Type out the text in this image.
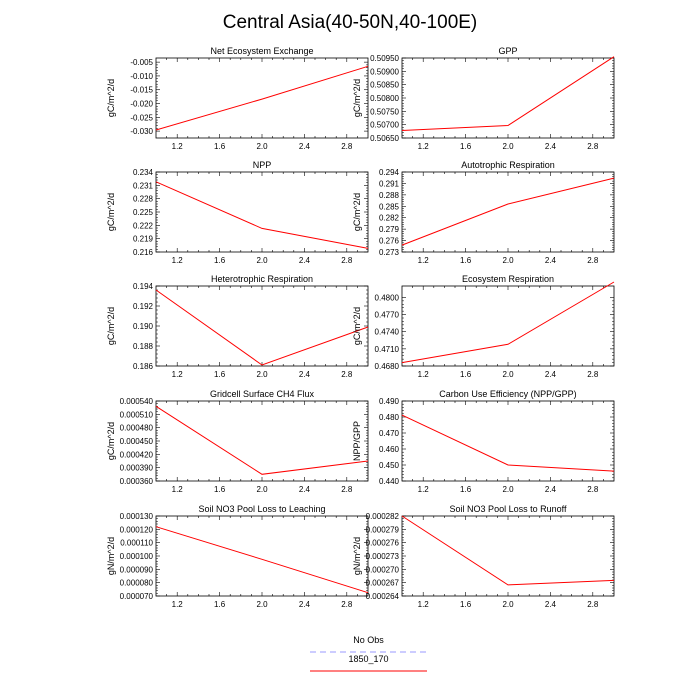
Central Asia(40-50N,40-100E)
Net Ecosystem Exchange
1.2	1.6	2.0	2.4	2.8
-0.005
-0.010
-0.015
-0.020
-0.025
-0.030
gC/m^2/d
GPP
1.2	1.6	2.0	2.4	2.8
0.50950
0.50900
0.50850
0.50800
0.50750
0.50700
0.50650
gC/m^2/d
NPP
1.2	1.6	2.0	2.4	2.8
0.234
0.231
0.228
0.225
0.222
0.219
0.216
gC/m^2/d
Autotrophic Respiration
1.2	1.6	2.0	2.4	2.8
0.294
0.291
0.288
0.285
0.282
0.279
0.276
0.273
gC/m^2/d
Heterotrophic Respiration
1.2	1.6	2.0	2.4	2.8
0.194
0.192
0.190
0.188
0.186
gC/m^2/d
Ecosystem Respiration
1.2	1.6	2.0	2.4	2.8
0.4800
0.4770
0.4740
0.4710
0.4680
gC/m^2/d
Gridcell Surface CH4 Flux
1.2	1.6	2.0	2.4	2.8
0.000540
0.000510
0.000480
0.000450
0.000420
0.000390
0.000360
gC/m^2/d
Carbon Use Efficiency (NPP/GPP)
1.2	1.6	2.0	2.4	2.8
0.490
0.480
0.470
0.460
0.450
0.440
NPP/GPP
Soil NO3 Pool Loss to Leaching
1.2	1.6	2.0	2.4	2.8
0.000130
0.000120
0.000110
0.000100
0.000090
0.000080
0.000070
gN/m^2/d
Soil NO3 Pool Loss to Runoff
1.2	1.6	2.0	2.4	2.8
0.000282
0.000279
0.000276
0.000273
0.000270
0.000267
0.000264
gN/m^2/d
No Obs
1850_170
